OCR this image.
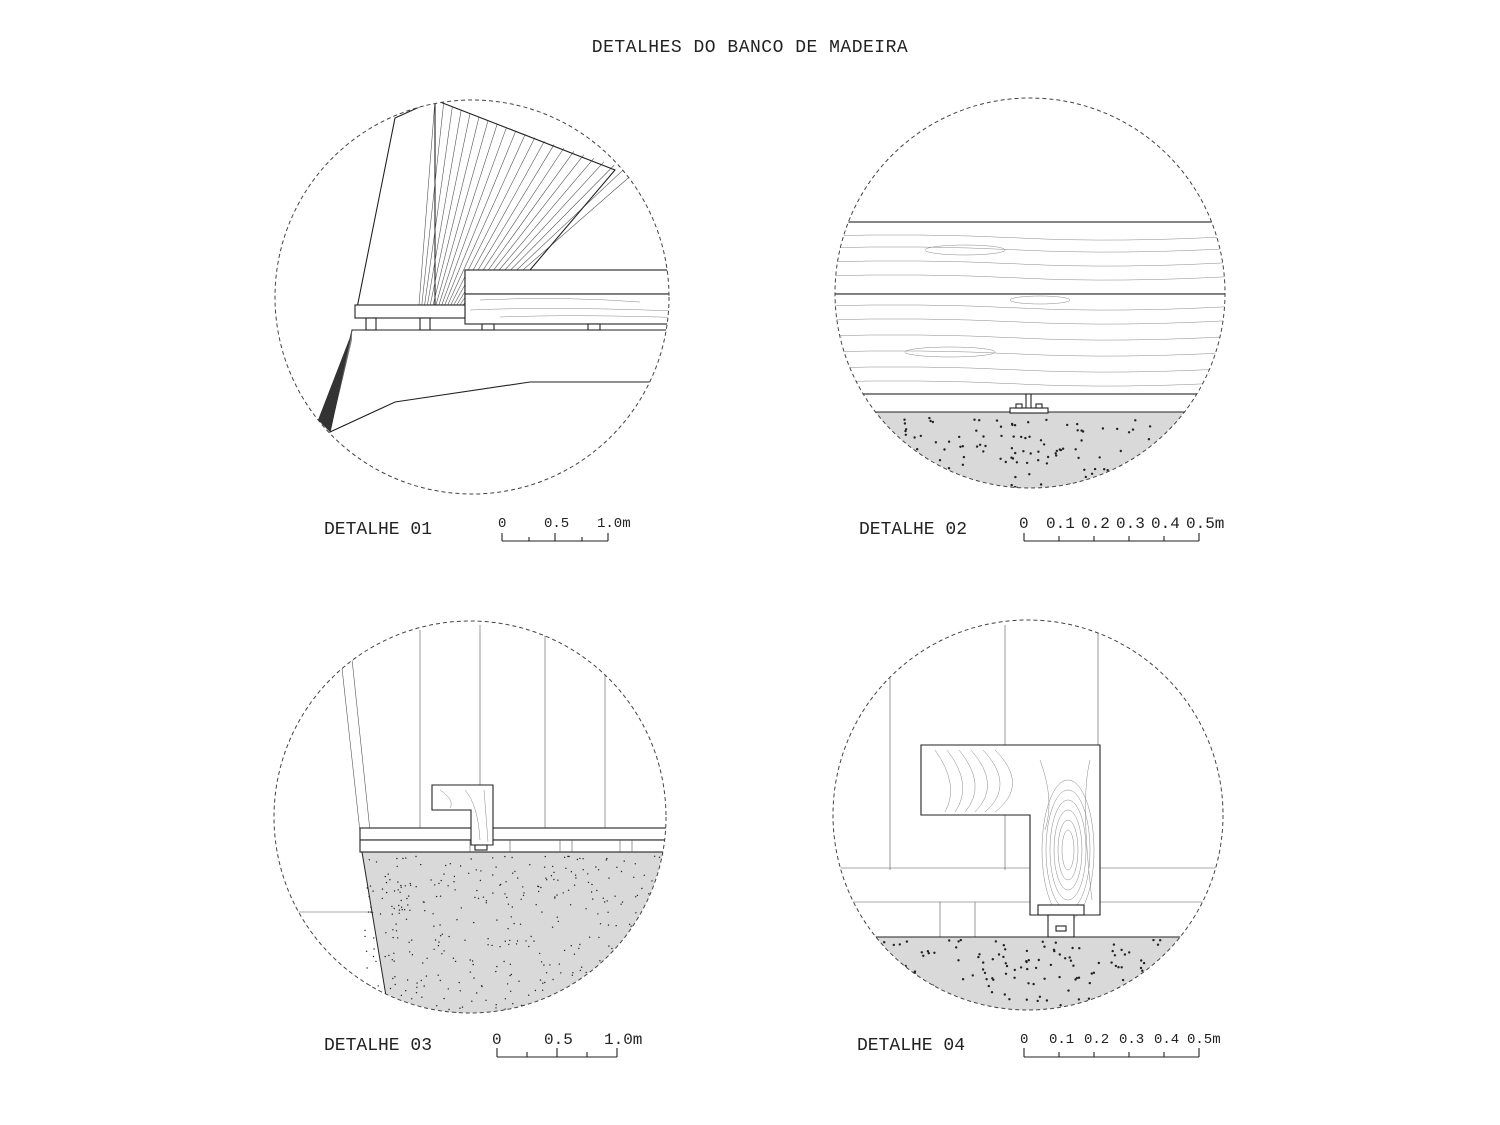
DETALHES DO BANCO DE MADEIRA
DETALHE 01	0	0.5 1.0m	DETALHE 02	0 0.1 0.2 0.3 0.4 0.5m
DETALHE 03	0	0.5 1.0m	DETALHE 04	0 0.1 0.2 0.3 0.4 0.5m
